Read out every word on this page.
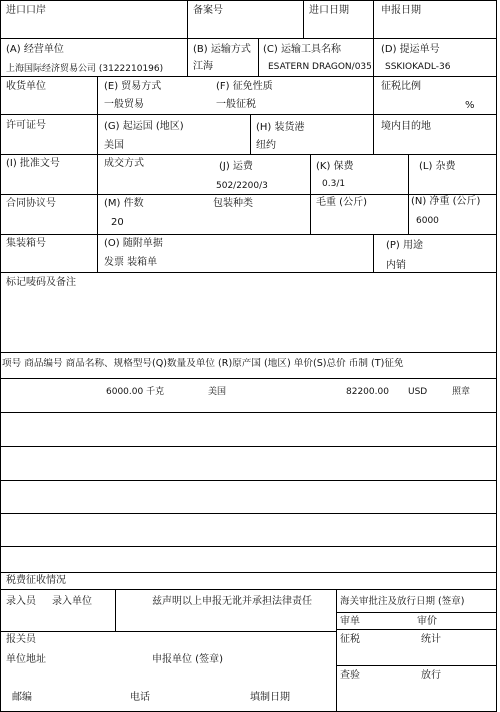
进口口岸	备案号	进口日期	申报日期
(A) 经营单位
上海国际经济贸易公司 (3122210196)
(B) 运输方式
江海
(C) 运输工具名称
ESATERN DRAGON/035
(D) 提运单号
SSKIOKADL-36
收货单位	(E) 贸易方式
一般贸易
(F) 征免性质
一般征税
征税比例
%
许可证号	(G) 起运国 (地区)
美国
(H) 装货港
纽约
境内目的地
(I) 批准文号	成交方式	(J) 运费
502/2200/3
(K) 保费
0.3/1
(L) 杂费
合同协议号	(M) 件数
20
包装种类	毛重 (公斤)	(N) 净重 (公斤)
6000
集装箱号	(O) 随附单据
发票 装箱单
(P) 用途
内销
标记唛码及备注
项号 商品编号 商品名称、规格型号(Q)数量及单位 (R)原产国 (地区) 单价(S)总价 币制 (T)征免
6000.00 千克	美国	82200.00 USD	照章
税费征收情况
录入员 录入单位	兹声明以上申报无讹并承担法律责任	海关审批注及放行日期 (签章)
审单	审价
报关员	征税	统计
单位地址	申报单位 (签章)
查验	放行
邮编	电话	填制日期
